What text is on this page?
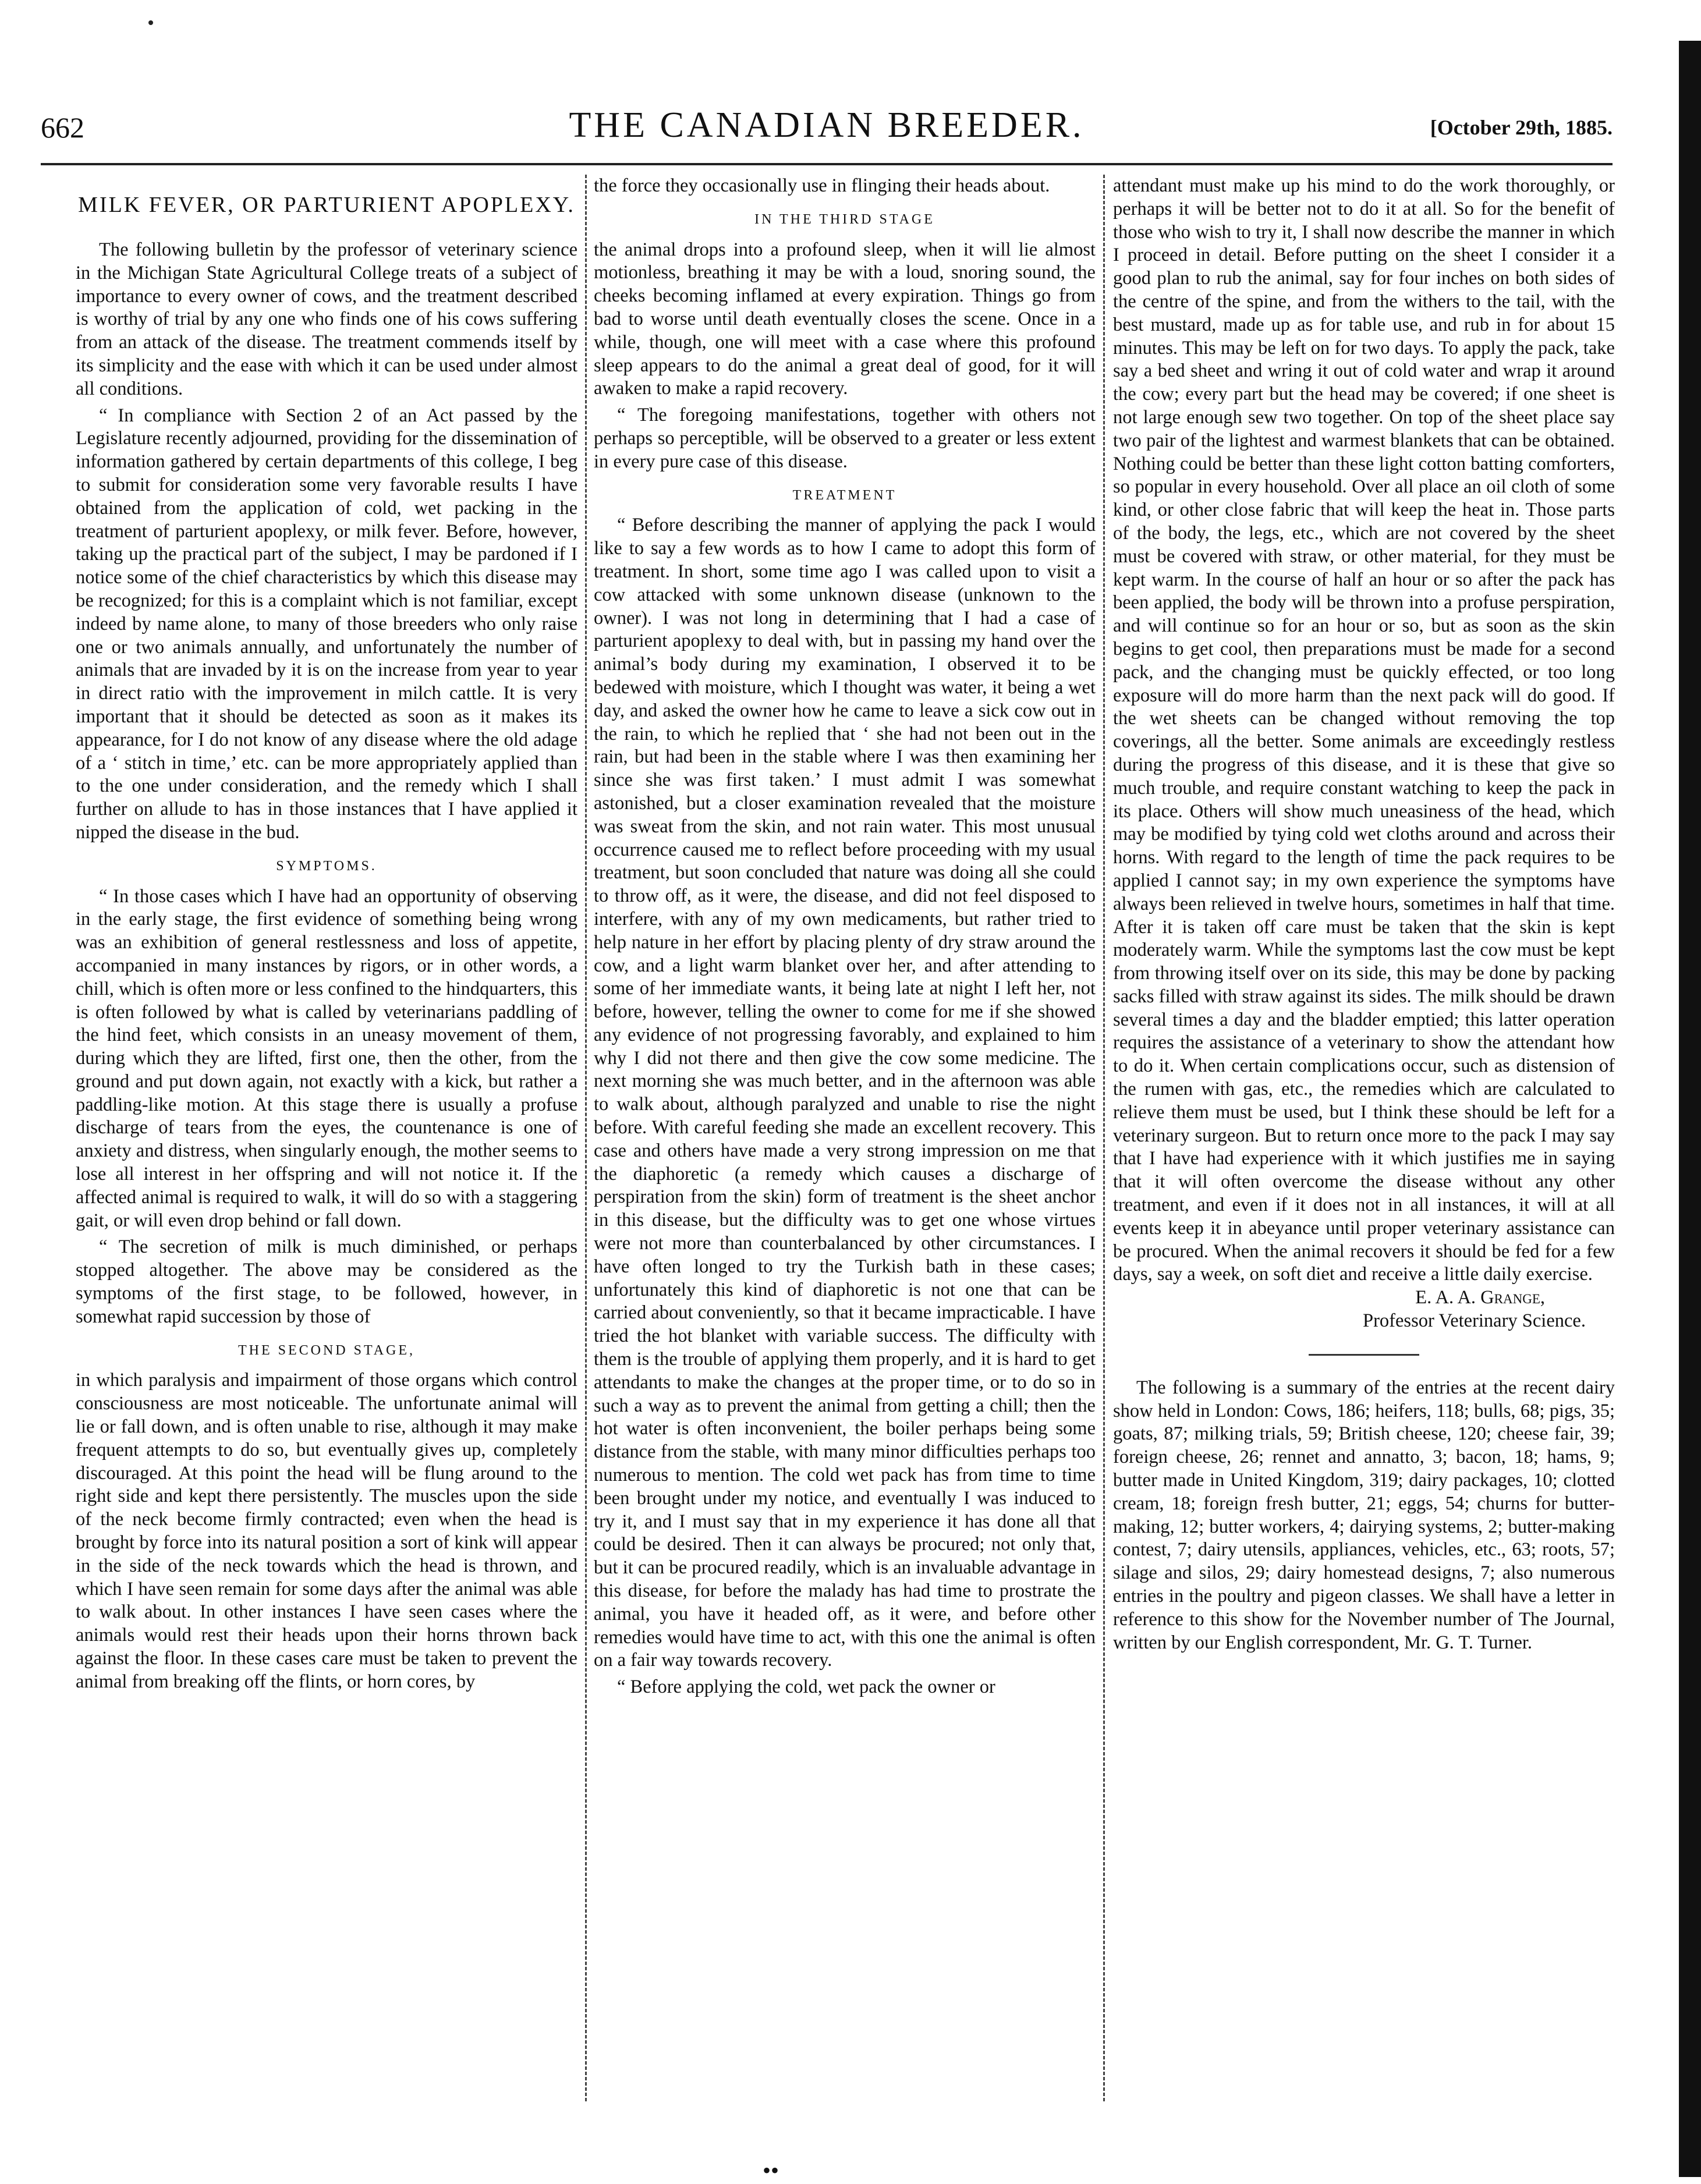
662	THE CANADIAN BREEDER.	[October 29th, 1885.
MILK FEVER, OR PARTURIENT APOPLEXY.

The following bulletin by the professor of veterinary science in the Michigan State Agricultural College treats of a subject of importance to every owner of cows, and the treatment described is worthy of trial by any one who finds one of his cows suffering from an attack of the disease. The treatment commends itself by its simplicity and the ease with which it can be used under almost all conditions.

“ In compliance with Section 2 of an Act passed by the Legislature recently adjourned, providing for the dissemination of information gathered by certain departments of this college, I beg to submit for consideration some very favorable results I have obtained from the application of cold, wet packing in the treatment of parturient apoplexy, or milk fever. Before, however, taking up the practical part of the subject, I may be pardoned if I notice some of the chief characteristics by which this disease may be recognized; for this is a complaint which is not familiar, except indeed by name alone, to many of those breeders who only raise one or two animals annually, and unfortunately the number of animals that are invaded by it is on the increase from year to year in direct ratio with the improvement in milch cattle. It is very important that it should be detected as soon as it makes its appearance, for I do not know of any disease where the old adage of a ‘ stitch in time,’ etc. can be more appropriately applied than to the one under consideration, and the remedy which I shall further on allude to has in those instances that I have applied it nipped the disease in the bud.

SYMPTOMS.

“ In those cases which I have had an opportunity of observing in the early stage, the first evidence of something being wrong was an exhibition of general restlessness and loss of appetite, accompanied in many instances by rigors, or in other words, a chill, which is often more or less confined to the hindquarters, this is often followed by what is called by veterinarians paddling of the hind feet, which consists in an uneasy movement of them, during which they are lifted, first one, then the other, from the ground and put down again, not exactly with a kick, but rather a paddling-like motion. At this stage there is usually a profuse discharge of tears from the eyes, the countenance is one of anxiety and distress, when singularly enough, the mother seems to lose all interest in her offspring and will not notice it. If the affected animal is required to walk, it will do so with a staggering gait, or will even drop behind or fall down.

“ The secretion of milk is much diminished, or perhaps stopped altogether. The above may be considered as the symptoms of the first stage, to be followed, however, in somewhat rapid succession by those of

THE SECOND STAGE,

in which paralysis and impairment of those organs which control consciousness are most noticeable. The unfortunate animal will lie or fall down, and is often unable to rise, although it may make frequent attempts to do so, but eventually gives up, completely discouraged. At this point the head will be flung around to the right side and kept there persistently. The muscles upon the side of the neck become firmly contracted; even when the head is brought by force into its natural position a sort of kink will appear in the side of the neck towards which the head is thrown, and which I have seen remain for some days after the animal was able to walk about. In other instances I have seen cases where the animals would rest their heads upon their horns thrown back against the floor. In these cases care must be taken to prevent the animal from breaking off the flints, or horn cores, by

the force they occasionally use in flinging their heads about.

IN THE THIRD STAGE

the animal drops into a profound sleep, when it will lie almost motionless, breathing it may be with a loud, snoring sound, the cheeks becoming inflamed at every expiration. Things go from bad to worse until death eventually closes the scene. Once in a while, though, one will meet with a case where this profound sleep appears to do the animal a great deal of good, for it will awaken to make a rapid recovery.

“ The foregoing manifestations, together with others not perhaps so perceptible, will be observed to a greater or less extent in every pure case of this disease.

TREATMENT

“ Before describing the manner of applying the pack I would like to say a few words as to how I came to adopt this form of treatment. In short, some time ago I was called upon to visit a cow attacked with some unknown disease (unknown to the owner). I was not long in determining that I had a case of parturient apoplexy to deal with, but in passing my hand over the animal’s body during my examination, I observed it to be bedewed with moisture, which I thought was water, it being a wet day, and asked the owner how he came to leave a sick cow out in the rain, to which he replied that ‘ she had not been out in the rain, but had been in the stable where I was then examining her since she was first taken.’ I must admit I was somewhat astonished, but a closer examination revealed that the moisture was sweat from the skin, and not rain water. This most unusual occurrence caused me to reflect before proceeding with my usual treatment, but soon concluded that nature was doing all she could to throw off, as it were, the disease, and did not feel disposed to interfere, with any of my own medicaments, but rather tried to help nature in her effort by placing plenty of dry straw around the cow, and a light warm blanket over her, and after attending to some of her immediate wants, it being late at night I left her, not before, however, telling the owner to come for me if she showed any evidence of not progressing favorably, and explained to him why I did not there and then give the cow some medicine. The next morning she was much better, and in the afternoon was able to walk about, although paralyzed and unable to rise the night before. With careful feeding she made an excellent recovery. This case and others have made a very strong impression on me that the diaphoretic (a remedy which causes a discharge of perspiration from the skin) form of treatment is the sheet anchor in this disease, but the difficulty was to get one whose virtues were not more than counterbalanced by other circumstances. I have often longed to try the Turkish bath in these cases; unfortunately this kind of diaphoretic is not one that can be carried about conveniently, so that it became impracticable. I have tried the hot blanket with variable success. The difficulty with them is the trouble of applying them properly, and it is hard to get attendants to make the changes at the proper time, or to do so in such a way as to prevent the animal from getting a chill; then the hot water is often inconvenient, the boiler perhaps being some distance from the stable, with many minor difficulties perhaps too numerous to mention. The cold wet pack has from time to time been brought under my notice, and eventually I was induced to try it, and I must say that in my experience it has done all that could be desired. Then it can always be procured; not only that, but it can be procured readily, which is an invaluable advantage in this disease, for before the malady has had time to prostrate the animal, you have it headed off, as it were, and before other remedies would have time to act, with this one the animal is often on a fair way towards recovery.

“ Before applying the cold, wet pack the owner or

attendant must make up his mind to do the work thoroughly, or perhaps it will be better not to do it at all. So for the benefit of those who wish to try it, I shall now describe the manner in which I proceed in detail. Before putting on the sheet I consider it a good plan to rub the animal, say for four inches on both sides of the centre of the spine, and from the withers to the tail, with the best mustard, made up as for table use, and rub in for about 15 minutes. This may be left on for two days. To apply the pack, take say a bed sheet and wring it out of cold water and wrap it around the cow; every part but the head may be covered; if one sheet is not large enough sew two together. On top of the sheet place say two pair of the lightest and warmest blankets that can be obtained. Nothing could be better than these light cotton batting comforters, so popular in every household. Over all place an oil cloth of some kind, or other close fabric that will keep the heat in. Those parts of the body, the legs, etc., which are not covered by the sheet must be covered with straw, or other material, for they must be kept warm. In the course of half an hour or so after the pack has been applied, the body will be thrown into a profuse perspiration, and will continue so for an hour or so, but as soon as the skin begins to get cool, then preparations must be made for a second pack, and the changing must be quickly effected, or too long exposure will do more harm than the next pack will do good. If the wet sheets can be changed without removing the top coverings, all the better. Some animals are exceedingly restless during the progress of this disease, and it is these that give so much trouble, and require constant watching to keep the pack in its place. Others will show much uneasiness of the head, which may be modified by tying cold wet cloths around and across their horns. With regard to the length of time the pack requires to be applied I cannot say; in my own experience the symptoms have always been relieved in twelve hours, sometimes in half that time. After it is taken off care must be taken that the skin is kept moderately warm. While the symptoms last the cow must be kept from throwing itself over on its side, this may be done by packing sacks filled with straw against its sides. The milk should be drawn several times a day and the bladder emptied; this latter operation requires the assistance of a veterinary to show the attendant how to do it. When certain complications occur, such as distension of the rumen with gas, etc., the remedies which are calculated to relieve them must be used, but I think these should be left for a veterinary surgeon. But to return once more to the pack I may say that I have had experience with it which justifies me in saying that it will often overcome the disease without any other treatment, and even if it does not in all instances, it will at all events keep it in abeyance until proper veterinary assistance can be procured. When the animal recovers it should be fed for a few days, say a week, on soft diet and receive a little daily exercise.

E. A. A. Grange,
Professor Veterinary Science.

The following is a summary of the entries at the recent dairy show held in London: Cows, 186; heifers, 118; bulls, 68; pigs, 35; goats, 87; milking trials, 59; British cheese, 120; cheese fair, 39; foreign cheese, 26; rennet and annatto, 3; bacon, 18; hams, 9; butter made in United Kingdom, 319; dairy packages, 10; clotted cream, 18; foreign fresh butter, 21; eggs, 54; churns for butter-making, 12; butter workers, 4; dairying systems, 2; butter-making contest, 7; dairy utensils, appliances, vehicles, etc., 63; roots, 57; silage and silos, 29; dairy homestead designs, 7; also numerous entries in the poultry and pigeon classes. We shall have a letter in reference to this show for the November number of The Journal, written by our English correspondent, Mr. G. T. Turner.

••
